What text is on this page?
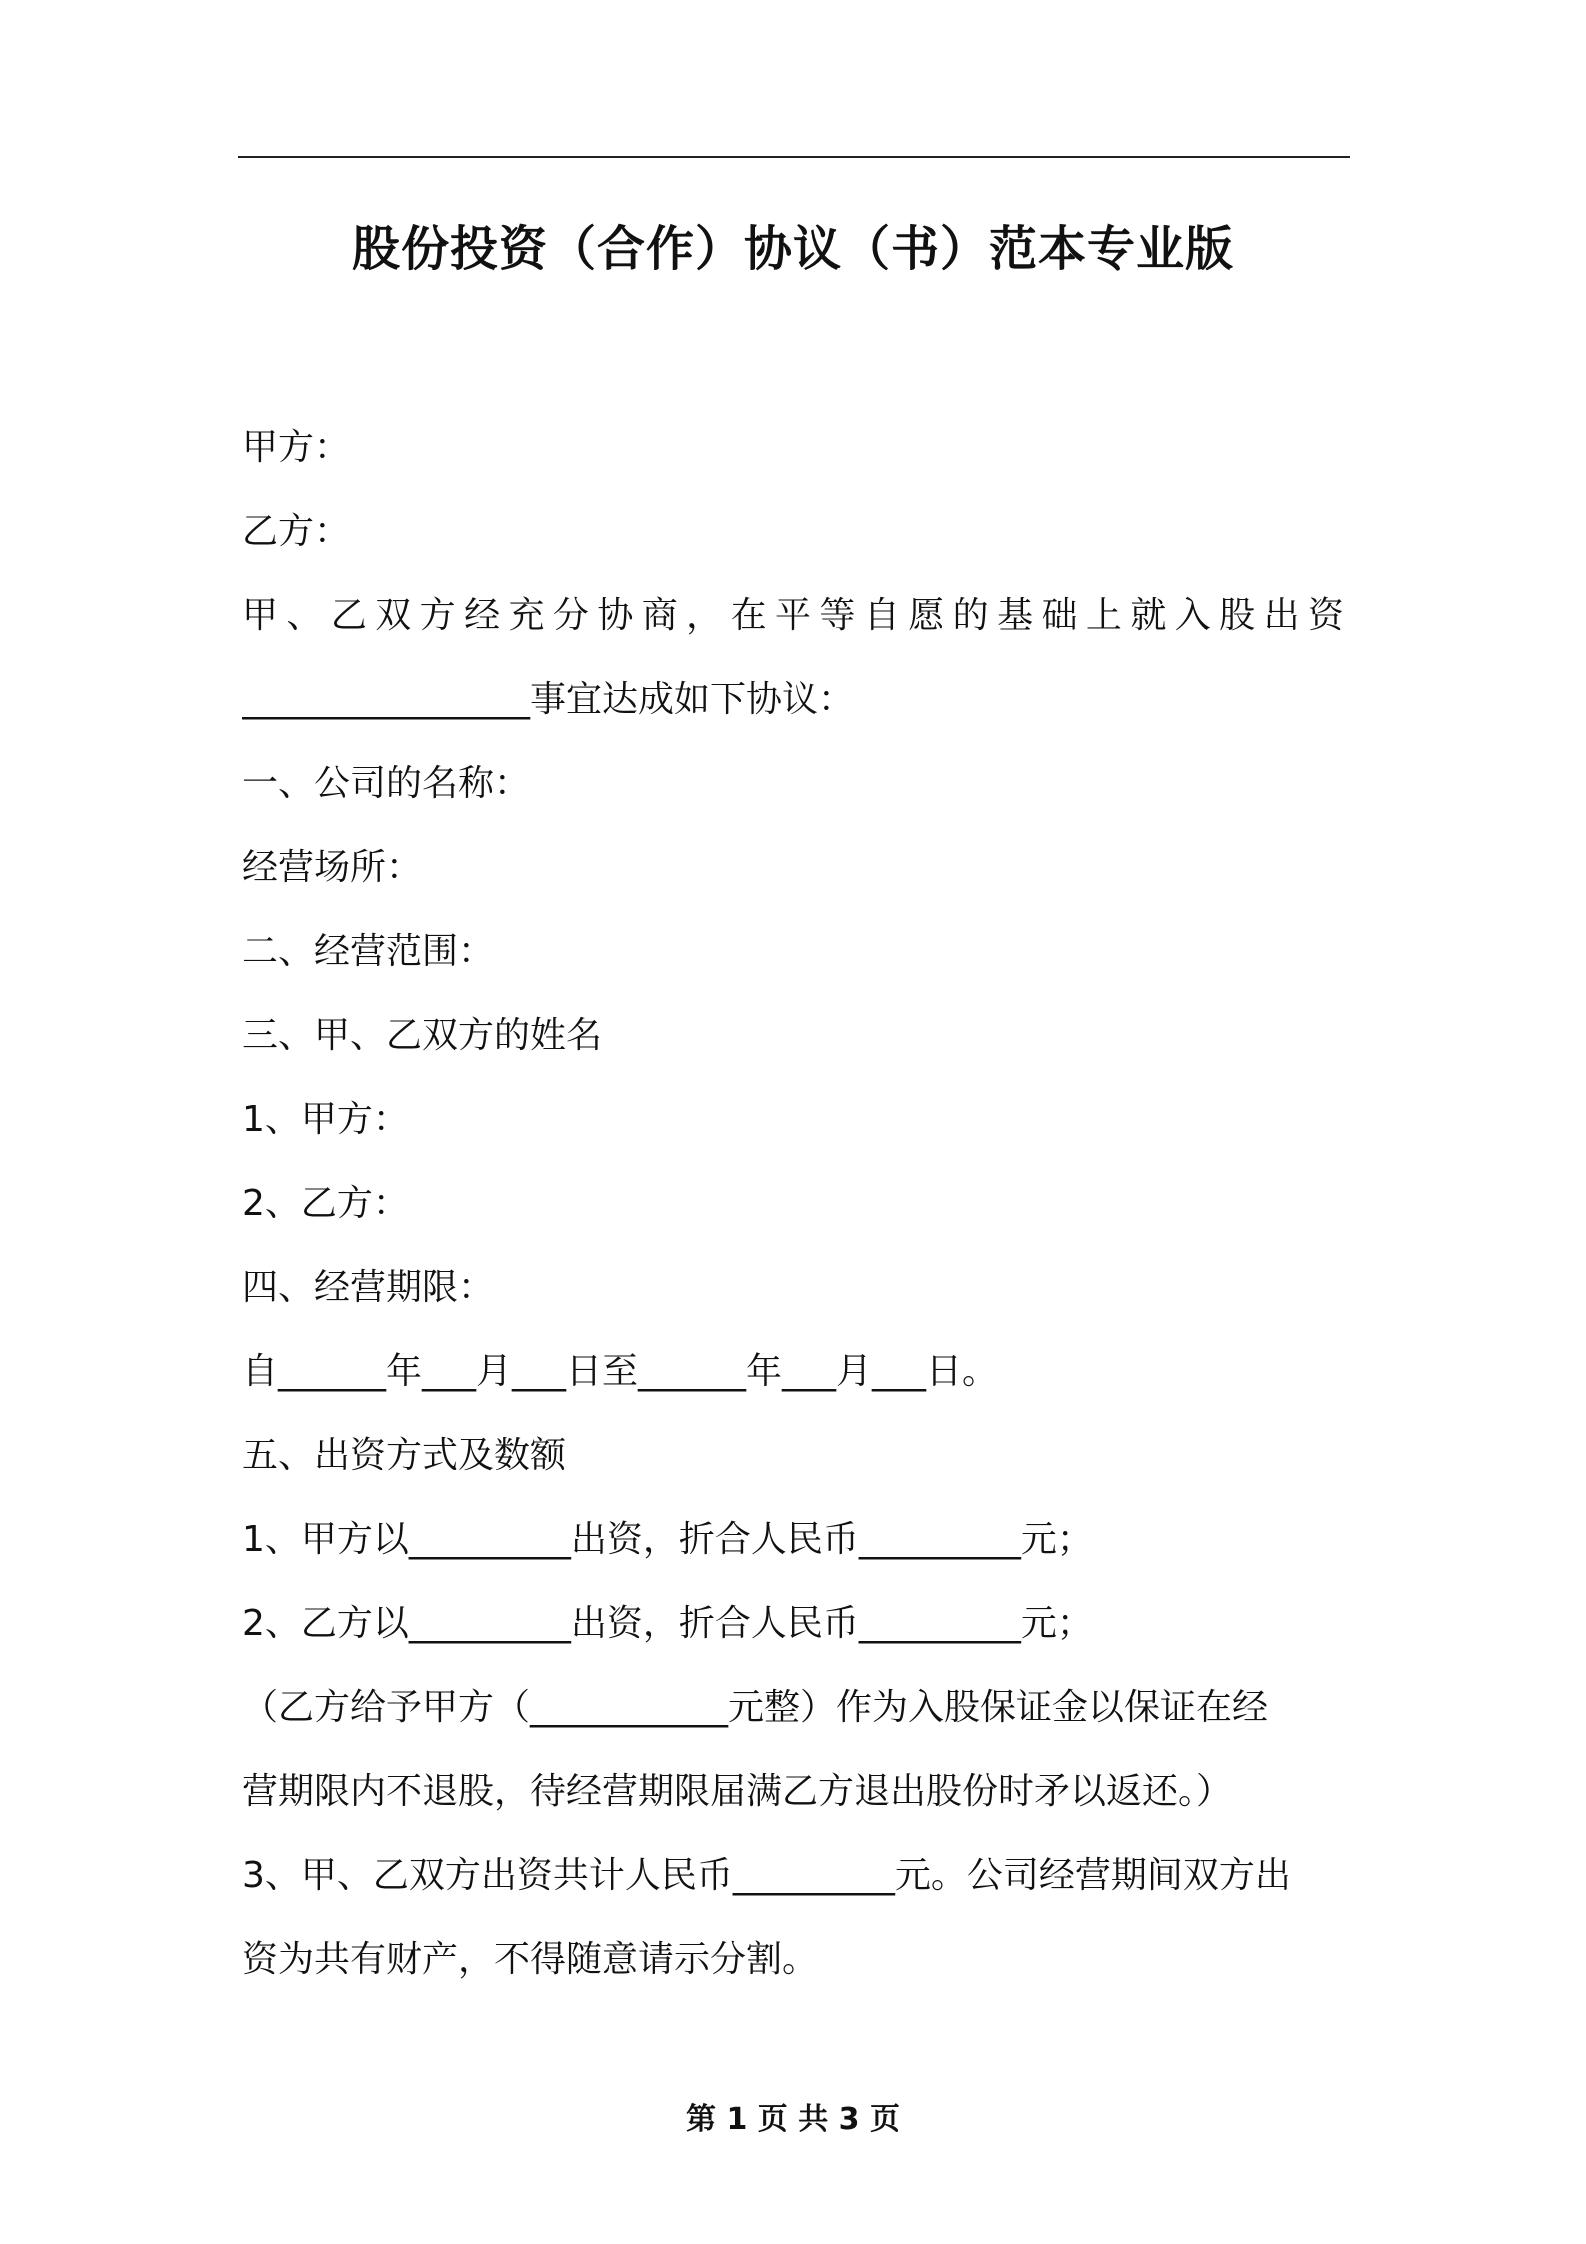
股份投资（合作）协议（书）范本专业版
甲方：
乙方：
甲、乙双方经充分协商，在平等自愿的基础上就入股出资
________________事宜达成如下协议：
一、公司的名称：
经营场所：
二、经营范围：
三、甲、乙双方的姓名
1、甲方：
2、乙方：
四、经营期限：
自______年___月___日至______年___月___日。
五、出资方式及数额
1、甲方以_________出资，折合人民币_________元；
2、乙方以_________出资，折合人民币_________元；
（乙方给予甲方（___________元整）作为入股保证金以保证在经
营期限内不退股，待经营期限届满乙方退出股份时矛以返还。）
3、甲、乙双方出资共计人民币_________元。公司经营期间双方出
资为共有财产，不得随意请示分割。
第 1 页 共 3 页
